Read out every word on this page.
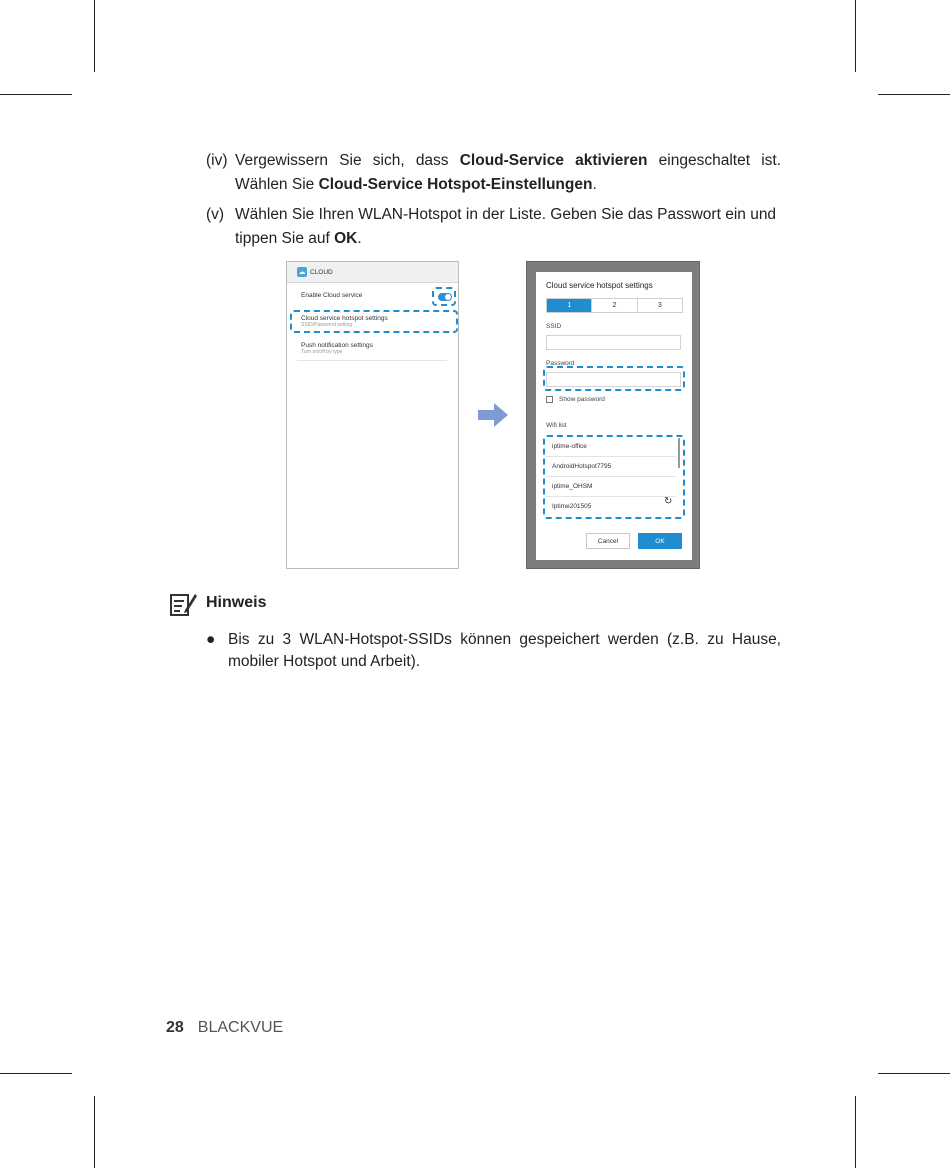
(iv) Vergewissern Sie sich, dass Cloud-Service aktivieren eingeschaltet ist. Wählen Sie Cloud-Service Hotspot-Einstellungen.
(v) Wählen Sie Ihren WLAN-Hotspot in der Liste. Geben Sie das Passwort ein und tippen Sie auf OK.
☁ CLOUD
Enable Cloud service
Cloud service hotspot settings
SSID/Password setting
Push notification settings
Turn on/off by type
Cloud service hotspot settings
1	2	3
SSID
Password
Show password
Wifi list
iptime-office
AndroidHotspot7795
iptime_OHSM
Iptime201505	↻
Cancel	OK
Hinweis
● Bis zu 3 WLAN-Hotspot-SSIDs können gespeichert werden (z.B. zu Hause, mobiler Hotspot und Arbeit).
28 BLACKVUE
